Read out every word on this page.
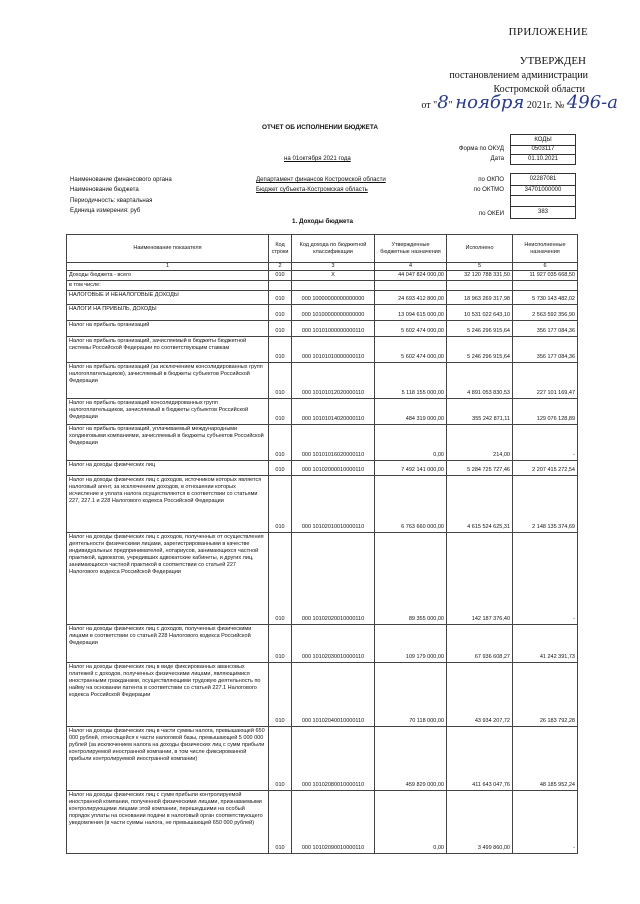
ПРИЛОЖЕНИЕ
УТВЕРЖДЕН
постановлением администрации
Костромской области
от "8" ноября 2021г. № 496-а
ОТЧЕТ ОБ ИСПОЛНЕНИИ БЮДЖЕТА
КОДЫ
Форма по ОКУД	0503117
на 01октября 2021 года	Дата	01.10.2021
Наименование финансового органа	Департамент финансов Костромской области	по ОКПО	02287081
Наименование бюджета	Бюджет субъекта-Костромская область	по ОКТМО	34701000000
Периодичность: квартальная
Единица измерения: руб	по ОКЕИ	383
1. Доходы бюджета
Наименование показателя	Код строки	Код дохода по бюджетной классификации	Утвержденные бюджетные назначения	Исполнено	Неисполненные назначения
1	2	3	4	5	6
Доходы бюджета - всего	010	X	44 047 824 000,00	32 120 788 331,50	11 927 035 668,50
в том числе:					
НАЛОГОВЫЕ И НЕНАЛОГОВЫЕ ДОХОДЫ	010	000 10000000000000000	24 693 412 800,00	18 963 269 317,98	5 730 143 482,02
НАЛОГИ НА ПРИБЫЛЬ, ДОХОДЫ	010	000 10100000000000000	13 094 615 000,00	10 531 022 643,10	2 563 592 356,90
Налог на прибыль организаций	010	000 10101000000000110	5 602 474 000,00	5 246 296 915,64	356 177 084,36
Налог на прибыль организаций, зачисляемый в бюджеты бюджетной системы Российской Федерации по соответствующим ставкам	010	000 10101010000000110	5 602 474 000,00	5 246 296 915,64	356 177 084,36
Налог на прибыль организаций (за исключением консолидированных групп налогоплательщиков), зачисляемый в бюджеты субъектов Российской Федерации	010	000 10101012020000110	5 118 155 000,00	4 891 053 830,53	227 101 169,47
Налог на прибыль организаций консолидированных групп налогоплательщиков, зачисляемый в бюджеты субъектов Российской Федерации	010	000 10101014020000110	484 319 000,00	355 242 871,11	129 076 128,89
Налог на прибыль организаций, уплачиваемый международными холдинговыми компаниями, зачисляемый в бюджеты субъектов Российской Федерации	010	000 10101016020000110	0,00	214,00	-
Налог на доходы физических лиц	010	000 10102000010000110	7 492 141 000,00	5 284 725 727,46	2 207 415 272,54
Налог на доходы физических лиц с доходов, источником которых является налоговый агент, за исключением доходов, в отношении которых исчисление и уплата налога осуществляются в соответствии со статьями 227, 227.1 и 228 Налогового кодекса Российской Федерации	010	000 10102010010000110	6 763 660 000,00	4 615 524 625,31	2 148 135 374,69
Налог на доходы физических лиц с доходов, полученных от осуществления деятельности физическими лицами, зарегистрированными в качестве индивидуальных предпринимателей, нотариусов, занимающихся частной практикой, адвокатов, учредивших адвокатские кабинеты, и других лиц, занимающихся частной практикой в соответствии со статьей 227 Налогового кодекса Российской Федерации	010	000 10102020010000110	89 355 000,00	142 187 376,40	-
Налог на доходы физических лиц с доходов, полученных физическими лицами в соответствии со статьей 228 Налогового кодекса Российской Федерации	010	000 10102030010000110	109 179 000,00	67 936 608,27	41 242 391,73
Налог на доходы физических лиц в виде фиксированных авансовых платежей с доходов, полученных физическими лицами, являющимися иностранными гражданами, осуществляющими трудовую деятельность по найму на основании патента в соответствии со статьей 227.1 Налогового кодекса Российской Федерации	010	000 10102040010000110	70 118 000,00	43 934 207,72	26 183 792,28
Налог на доходы физических лиц в части суммы налога, превышающей 650 000 рублей, относящейся к части налоговой базы, превышающей 5 000 000 рублей (за исключением налога на доходы физических лиц с сумм прибыли контролируемой иностранной компании, в том числе фиксированной прибыли контролируемой иностранной компании)	010	000 10102080010000110	459 829 000,00	411 643 047,76	48 185 952,24
Налог на доходы физических лиц с сумм прибыли контролируемой иностранной компании, полученной физическими лицами, признаваемыми контролирующими лицами этой компании, перешедшими на особый порядок уплаты на основании подачи в налоговый орган соответствующего уведомления (в части суммы налога, не превышающей 650 000 рублей)	010	000 10102090010000110	0,00	3 499 860,00	-
